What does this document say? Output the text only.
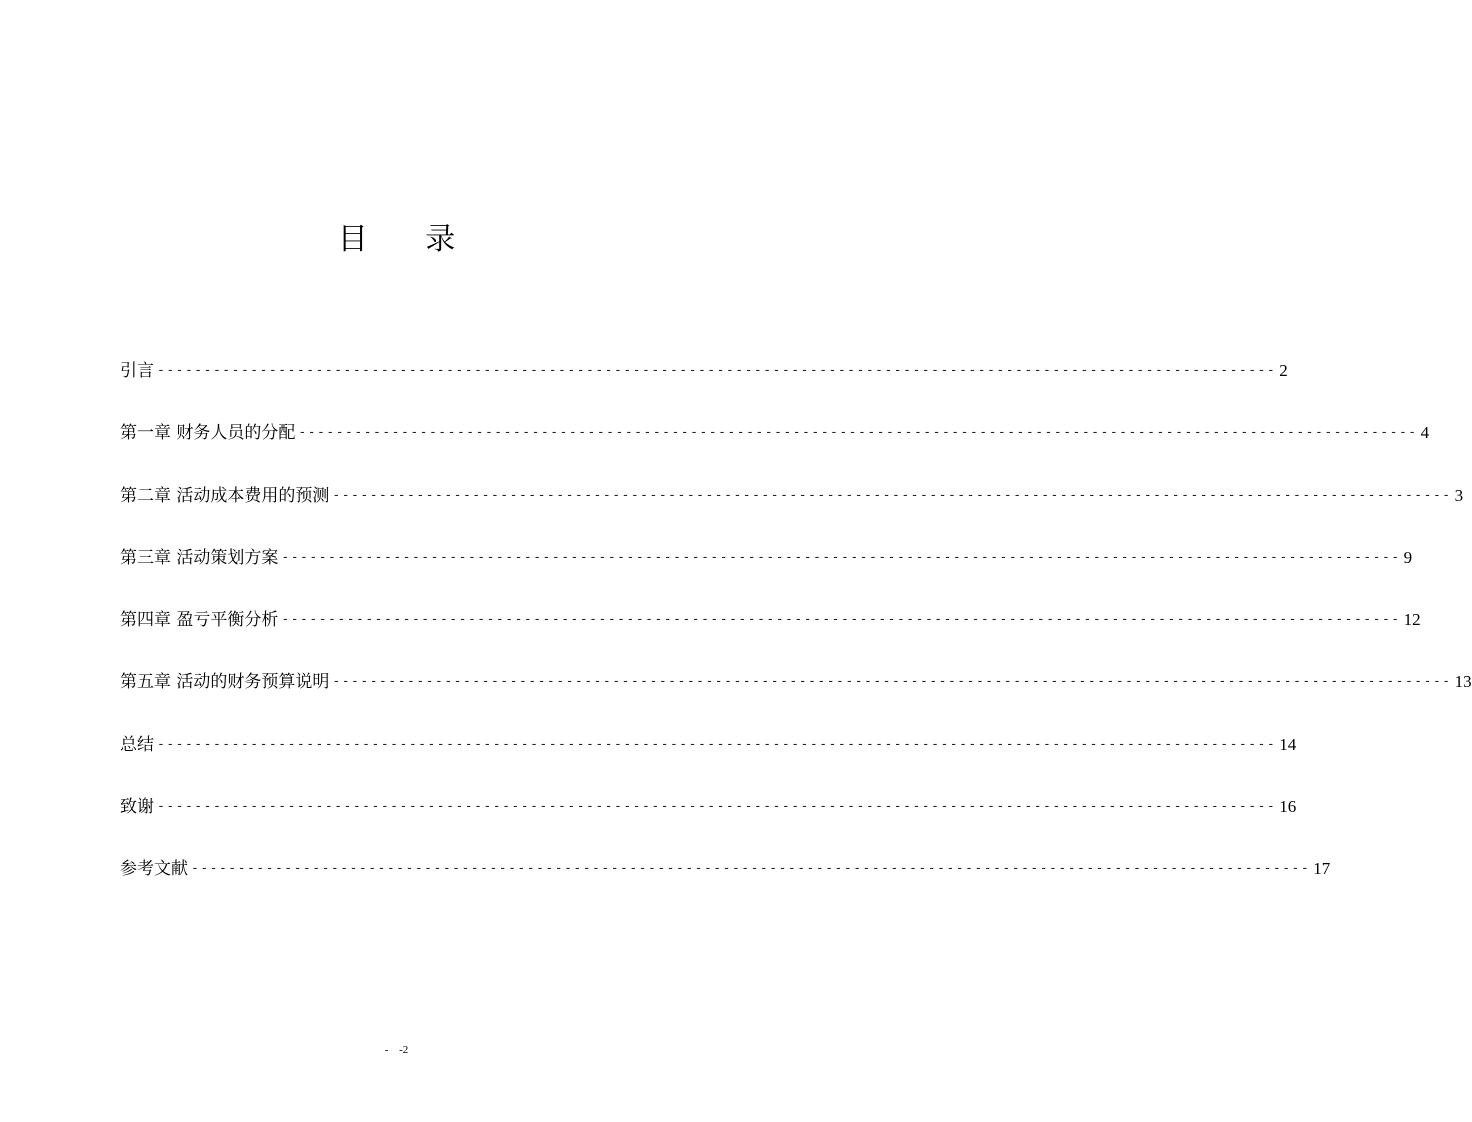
目 录
引言 ------------------------------------------------------------------------------------------------------------------------ 2
第一章 财务人员的分配 ------------------------------------------------------------------------------------------------------------------------ 4
第二章 活动成本费用的预测 ------------------------------------------------------------------------------------------------------------------------ 3
第三章 活动策划方案 ------------------------------------------------------------------------------------------------------------------------ 9
第四章 盈亏平衡分析 ------------------------------------------------------------------------------------------------------------------------ 12
第五章 活动的财务预算说明 ------------------------------------------------------------------------------------------------------------------------ 13
总结 ------------------------------------------------------------------------------------------------------------------------ 14
致谢 ------------------------------------------------------------------------------------------------------------------------ 16
参考文献 ------------------------------------------------------------------------------------------------------------------------ 17
- -2
